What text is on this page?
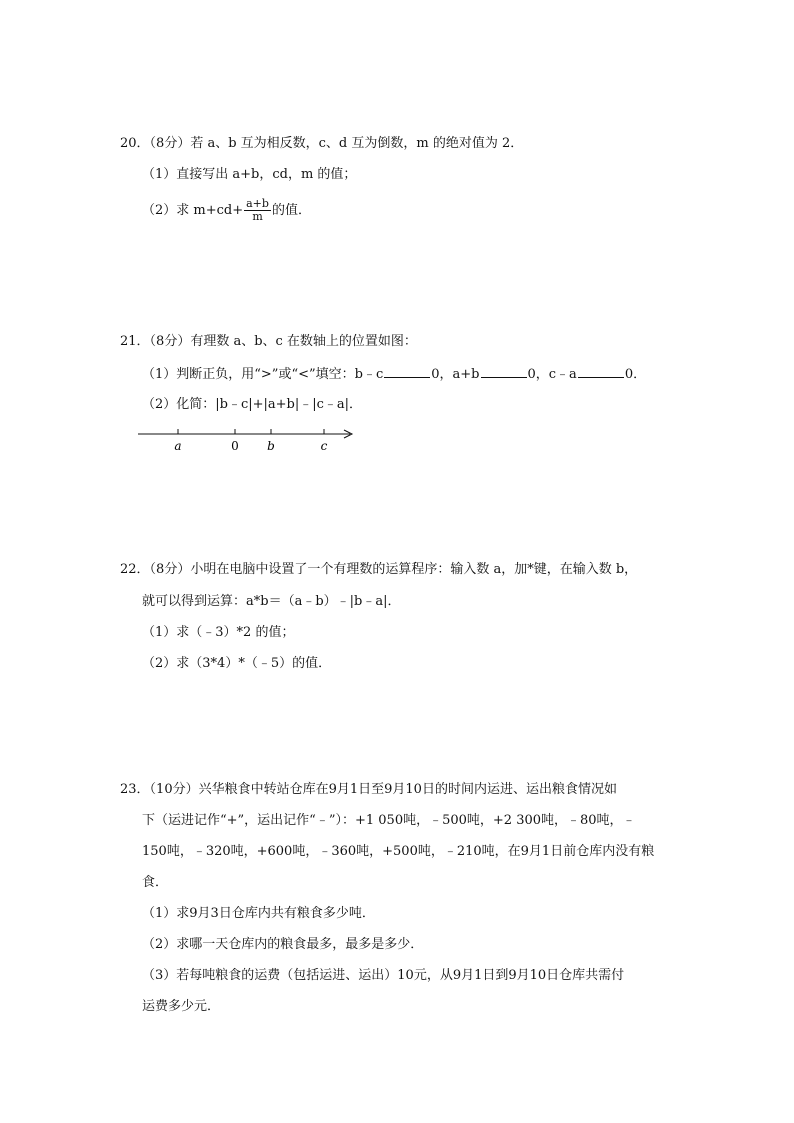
20．（8分）若 a、b 互为相反数，c、d 互为倒数，m 的绝对值为 2．
（1）直接写出 a+b，cd，m 的值；
（2）求 $m+cd+ \frac{a+b}{m}$ 的值．
21．（8分）有理数 a、b、c 在数轴上的位置如图：
（1）判断正负，用“>”或“<”填空：b﹣c	0，a+b	0，c﹣a	0．
（2）化简：|b﹣c|+|a+b|﹣|c﹣a|．
a	0 b	c
22．（8分）小明在电脑中设置了一个有理数的运算程序：输入数 a，加*键，在输入数 b，
就可以得到运算：a*b＝（a﹣b）﹣|b﹣a|．
（1）求（﹣3）*2 的值；
（2）求（3*4）*（﹣5）的值．
23．（10分）兴华粮食中转站仓库在9月1日至9月10日的时间内运进、运出粮食情况如
下（运进记作“+”，运出记作“﹣”）：+1 050吨，﹣500吨，+2 300吨，﹣80吨，﹣
150吨，﹣320吨，+600吨，﹣360吨，+500吨，﹣210吨，在9月1日前仓库内没有粮
食．
（1）求9月3日仓库内共有粮食多少吨．
（2）求哪一天仓库内的粮食最多，最多是多少．
（3）若每吨粮食的运费（包括运进、运出）10元，从9月1日到9月10日仓库共需付
运费多少元．
